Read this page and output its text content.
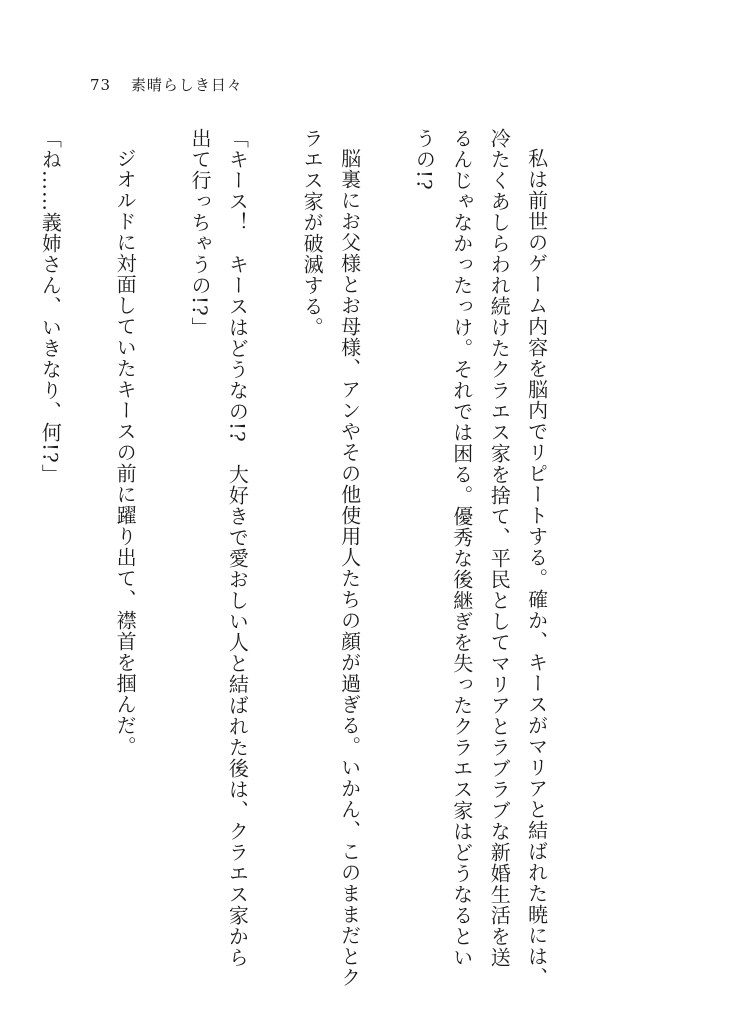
73 素晴らしき日々

私は前世のゲーム内容を脳内でリピートする。確か、キースがマリアと結ばれた暁には、冷たくあしらわれ続けたクラエス家を捨て、平民としてマリアとラブラブな新婚生活を送るんじゃなかったっけ。それでは困る。優秀な後継ぎを失ったクラエス家はどうなるというの!?

脳裏にお父様とお母様、アンやその他使用人たちの顔が過ぎる。いかん、このままだとクラエス家が破滅する。

「キース！　キースはどうなの!?　大好きで愛おしい人と結ばれた後は、クラエス家から出て行っちゃうの!?」

ジオルドに対面していたキースの前に躍り出て、襟首を掴んだ。

「ね……義姉さん、いきなり、何!?」
